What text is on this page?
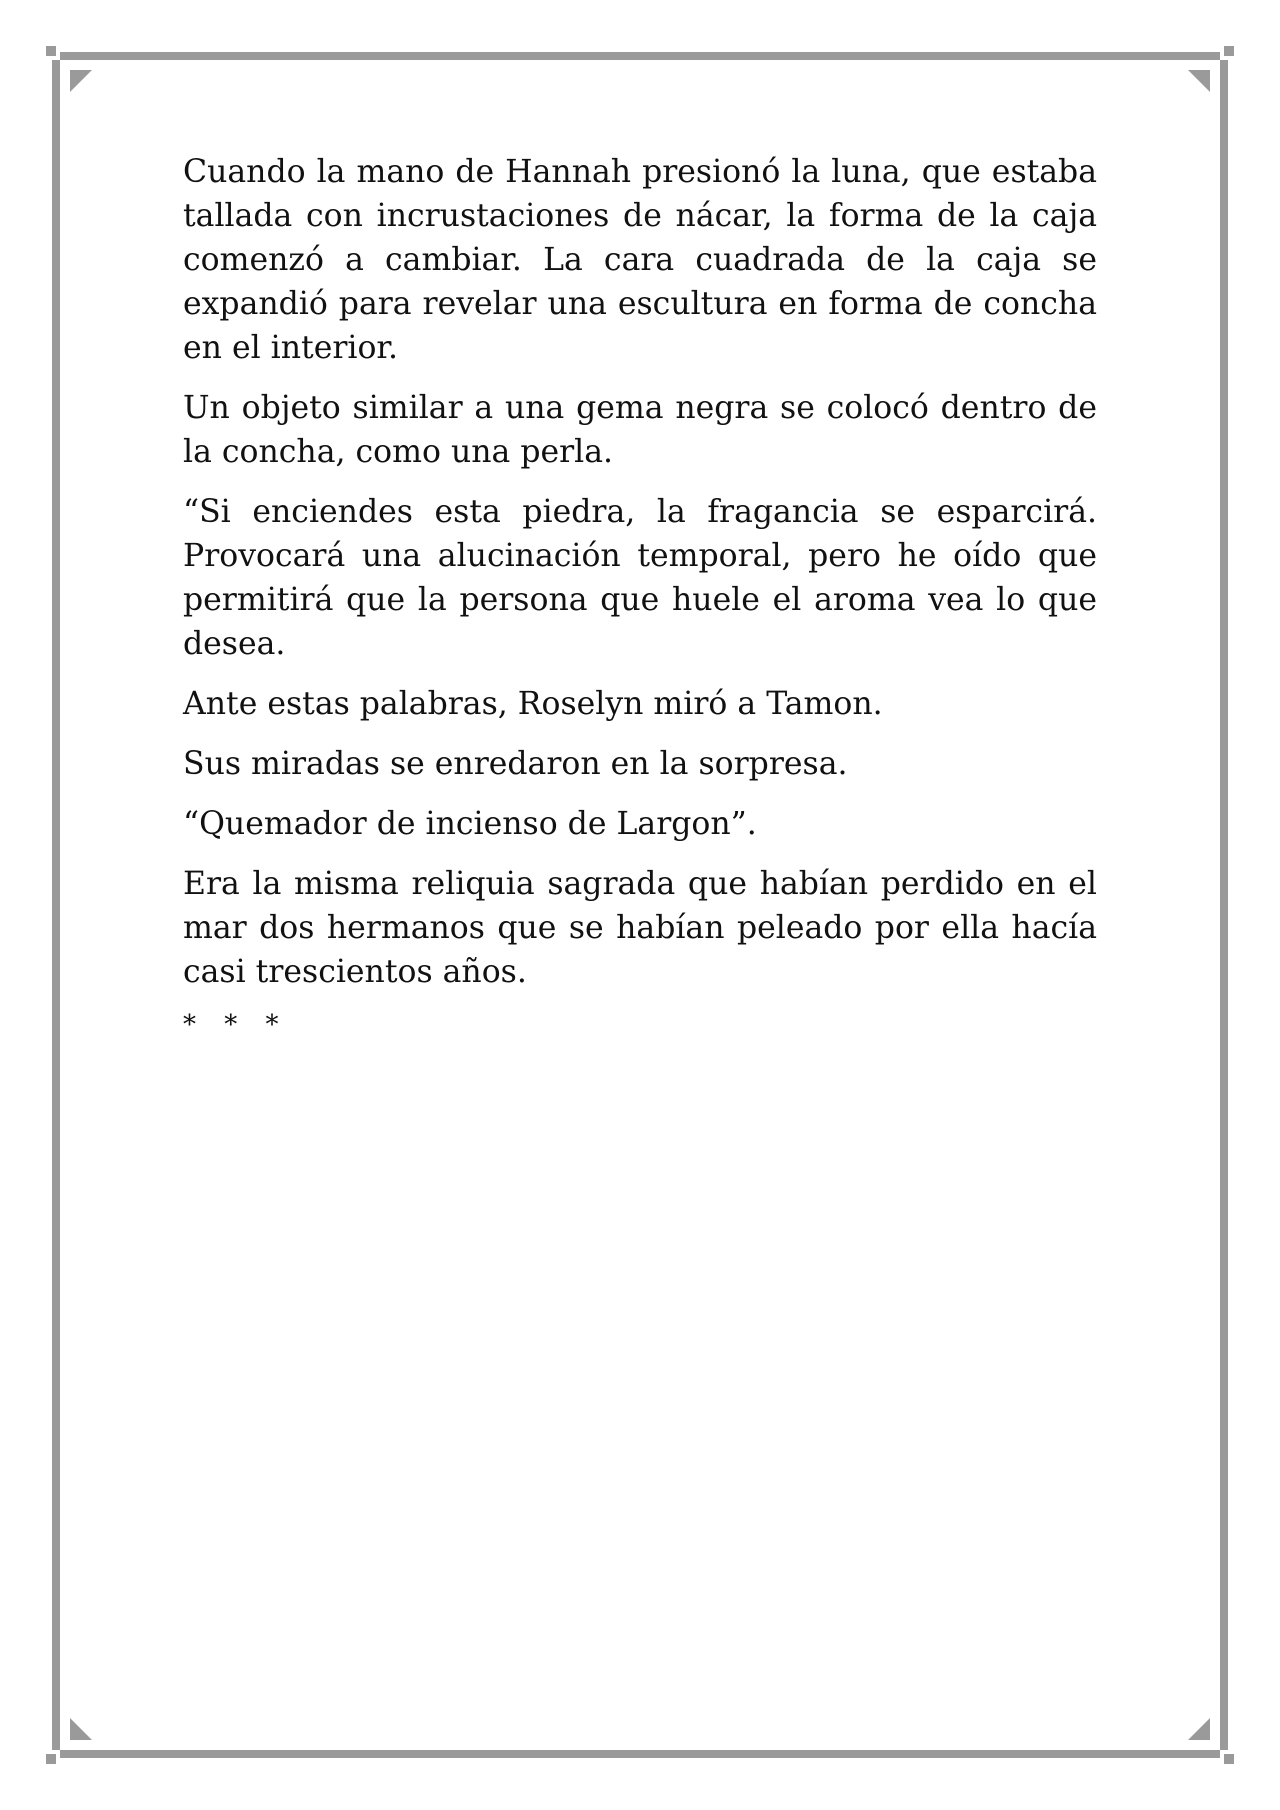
Cuando la mano de Hannah presionó la luna, que estaba tallada con incrustaciones de nácar, la forma de la caja comenzó a cambiar. La cara cuadrada de la caja se expandió para revelar una escultura en forma de concha en el interior.

Un objeto similar a una gema negra se colocó dentro de la concha, como una perla.

“Si enciendes esta piedra, la fragancia se esparcirá. Provocará una alucinación temporal, pero he oído que permitirá que la persona que huele el aroma vea lo que desea.

Ante estas palabras, Roselyn miró a Tamon.

Sus miradas se enredaron en la sorpresa.

“Quemador de incienso de Largon”.

Era la misma reliquia sagrada que habían perdido en el mar dos hermanos que se habían peleado por ella hacía casi trescientos años.

* * *
